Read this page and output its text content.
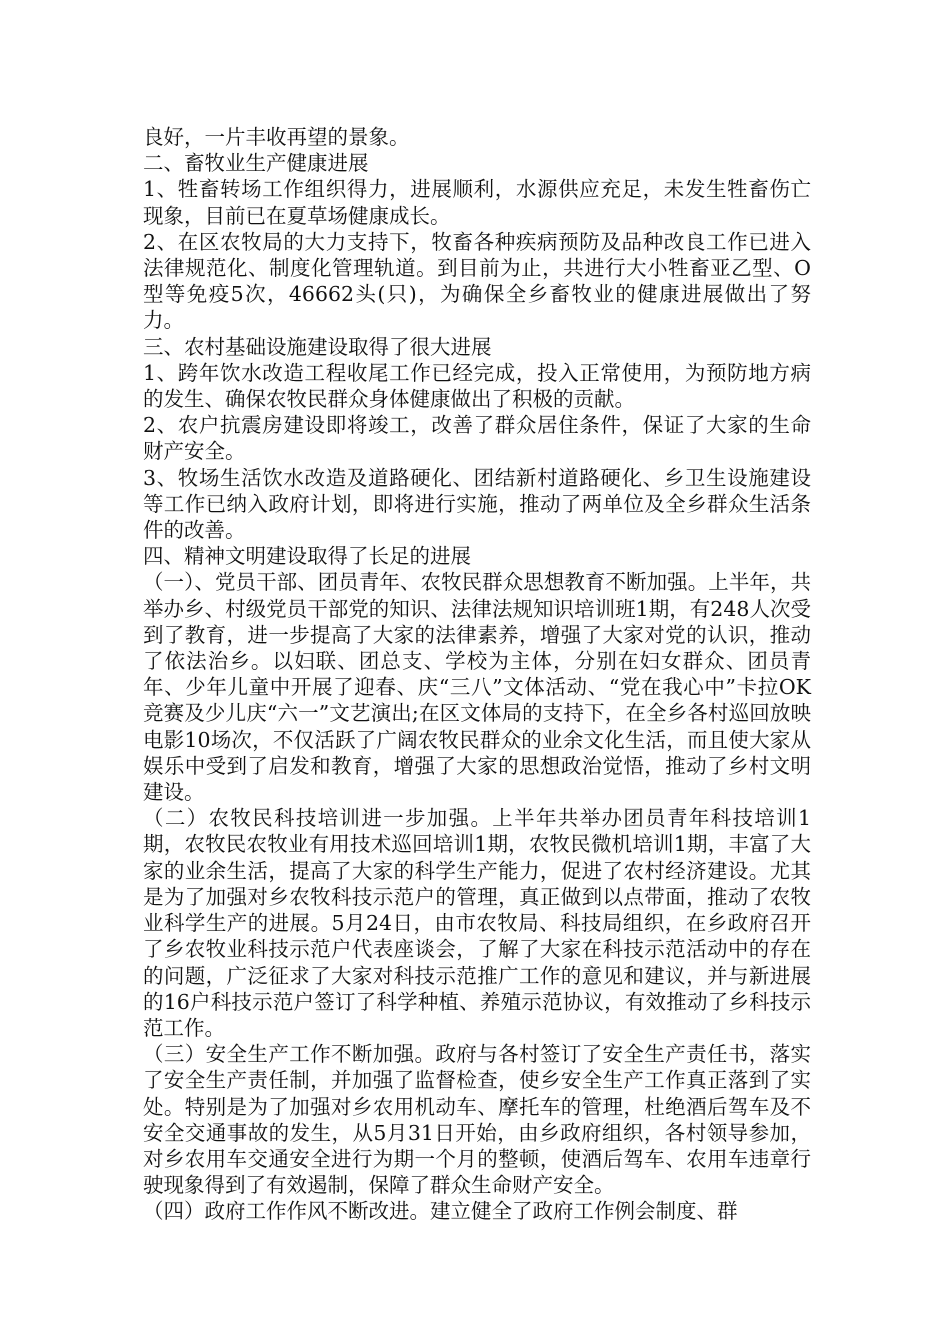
良好，一片丰收再望的景象。

二、畜牧业生产健康进展

1、牲畜转场工作组织得力，进展顺利，水源供应充足，未发生牲畜伤亡现象，目前已在夏草场健康成长。

2、在区农牧局的大力支持下，牧畜各种疾病预防及品种改良工作已进入法律规范化、制度化管理轨道。到目前为止，共进行大小牲畜亚乙型、O型等免疫5次，46662头(只)，为确保全乡畜牧业的健康进展做出了努力。

三、农村基础设施建设取得了很大进展

1、跨年饮水改造工程收尾工作已经完成，投入正常使用，为预防地方病的发生、确保农牧民群众身体健康做出了积极的贡献。

2、农户抗震房建设即将竣工，改善了群众居住条件，保证了大家的生命财产安全。

3、牧场生活饮水改造及道路硬化、团结新村道路硬化、乡卫生设施建设等工作已纳入政府计划，即将进行实施，推动了两单位及全乡群众生活条件的改善。

四、精神文明建设取得了长足的进展

（一）、党员干部、团员青年、农牧民群众思想教育不断加强。上半年，共举办乡、村级党员干部党的知识、法律法规知识培训班1期，有248人次受到了教育，进一步提高了大家的法律素养，增强了大家对党的认识，推动了依法治乡。以妇联、团总支、学校为主体，分别在妇女群众、团员青年、少年儿童中开展了迎春、庆“三八”文体活动、“党在我心中”卡拉OK竞赛及少儿庆“六一”文艺演出;在区文体局的支持下，在全乡各村巡回放映电影10场次，不仅活跃了广阔农牧民群众的业余文化生活，而且使大家从娱乐中受到了启发和教育，增强了大家的思想政治觉悟，推动了乡村文明建设。

（二）农牧民科技培训进一步加强。上半年共举办团员青年科技培训1期，农牧民农牧业有用技术巡回培训1期，农牧民微机培训1期，丰富了大家的业余生活，提高了大家的科学生产能力，促进了农村经济建设。尤其是为了加强对乡农牧科技示范户的管理，真正做到以点带面，推动了农牧业科学生产的进展。5月24日，由市农牧局、科技局组织，在乡政府召开了乡农牧业科技示范户代表座谈会，了解了大家在科技示范活动中的存在的问题，广泛征求了大家对科技示范推广工作的意见和建议，并与新进展的16户科技示范户签订了科学种植、养殖示范协议，有效推动了乡科技示范工作。

（三）安全生产工作不断加强。政府与各村签订了安全生产责任书，落实了安全生产责任制，并加强了监督检查，使乡安全生产工作真正落到了实处。特别是为了加强对乡农用机动车、摩托车的管理，杜绝酒后驾车及不安全交通事故的发生，从5月31日开始，由乡政府组织，各村领导参加，对乡农用车交通安全进行为期一个月的整顿，使酒后驾车、农用车违章行驶现象得到了有效遏制，保障了群众生命财产安全。

（四）政府工作作风不断改进。建立健全了政府工作例会制度、群
